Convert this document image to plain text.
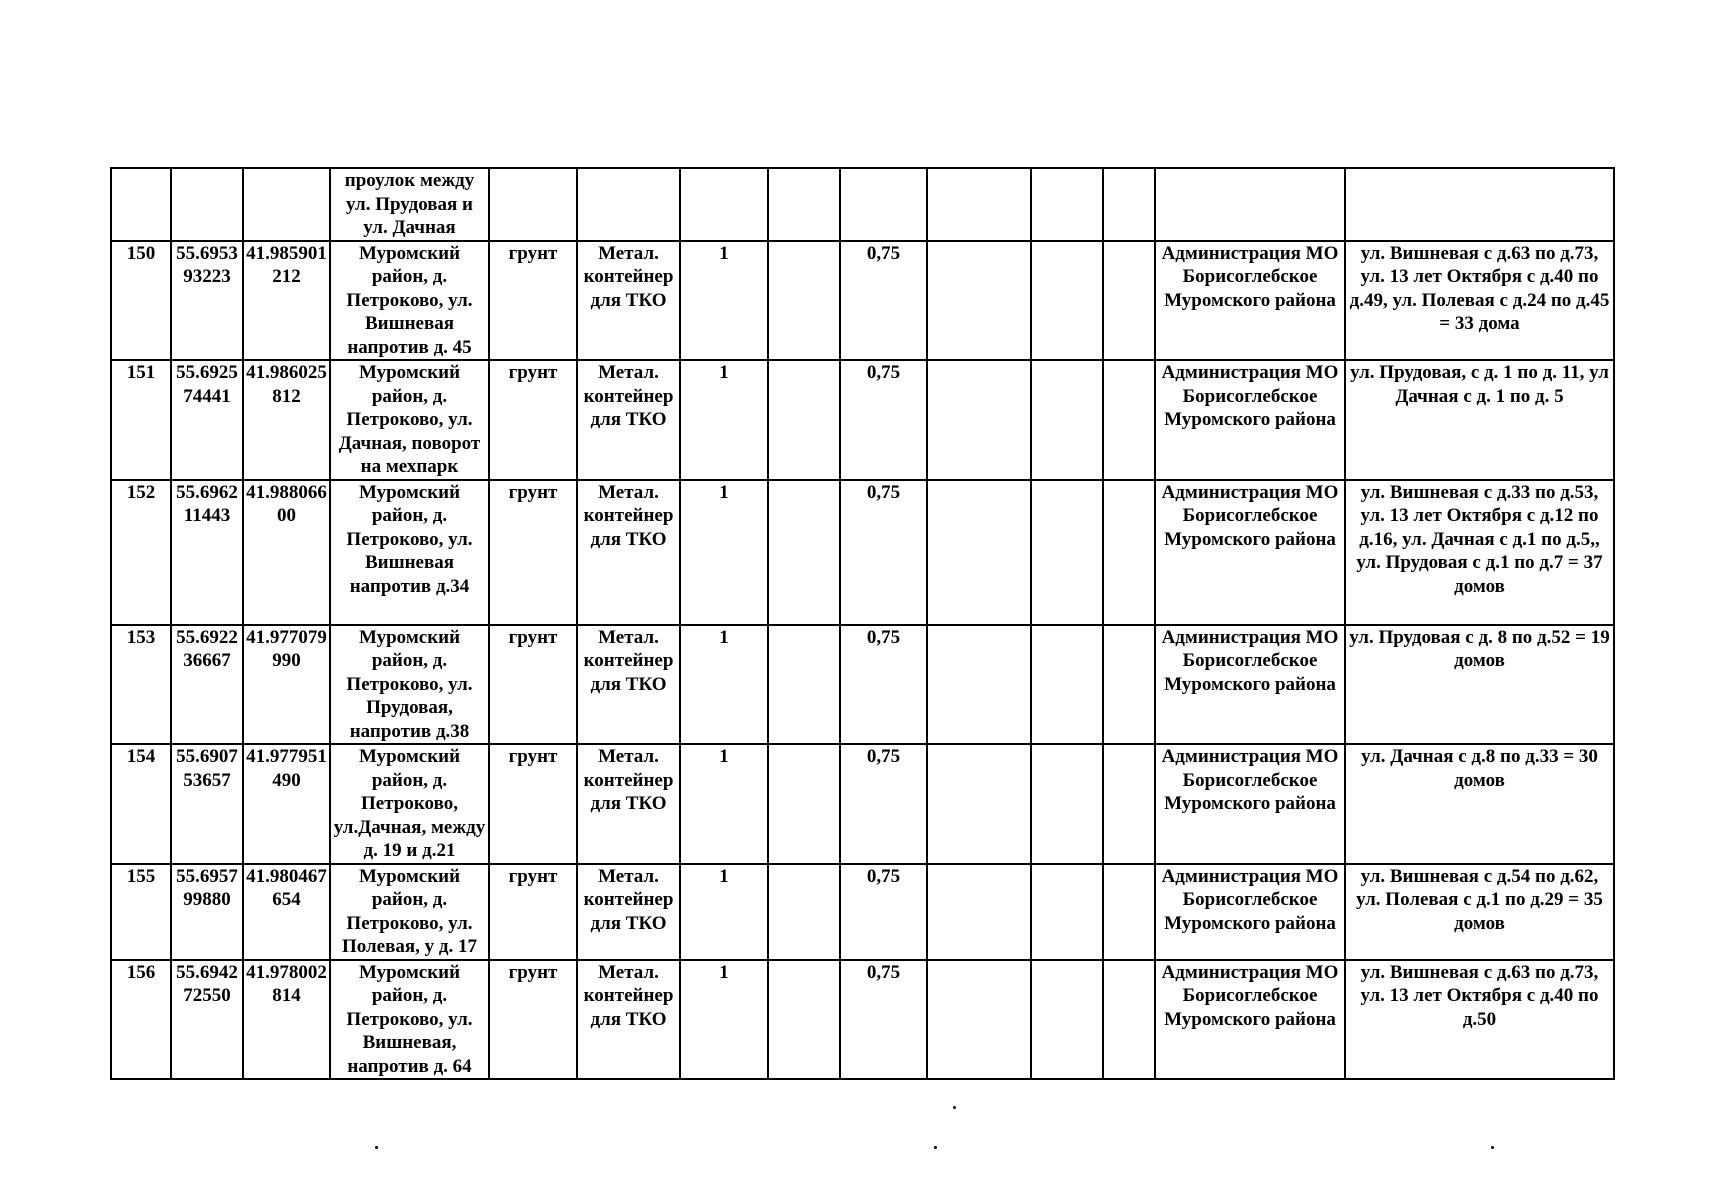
			проулок между ул. Прудовая и ул. Дачная										
150	55.695393223	41.985901212	Муромский район, д. Петроково, ул. Вишневая напротив д. 45	грунт	Метал. контейнер для ТКО	1		0,75				Администрация МО Борисоглебское Муромского района	ул. Вишневая с д.63 по д.73, ул. 13 лет Октября с д.40 по д.49, ул. Полевая с д.24 по д.45 = 33 дома
151	55.692574441	41.986025812	Муромский район, д. Петроково, ул. Дачная, поворот на мехпарк	грунт	Метал. контейнер для ТКО	1		0,75				Администрация МО Борисоглебское Муромского района	ул. Прудовая, с д. 1 по д. 11, ул Дачная с д. 1 по д. 5
152	55.696211443	41.98806600	Муромский район, д. Петроково, ул. Вишневая напротив д.34	грунт	Метал. контейнер для ТКО	1		0,75				Администрация МО Борисоглебское Муромского района	ул. Вишневая с д.33 по д.53, ул. 13 лет Октября с д.12 по д.16, ул. Дачная с д.1 по д.5,, ул. Прудовая с д.1 по д.7 = 37 домов
153	55.692236667	41.977079990	Муромский район, д. Петроково, ул. Прудовая, напротив д.38	грунт	Метал. контейнер для ТКО	1		0,75				Администрация МО Борисоглебское Муромского района	ул. Прудовая с д. 8 по д.52 = 19 домов
154	55.690753657	41.977951490	Муромский район, д. Петроково, ул.Дачная, между д. 19 и д.21	грунт	Метал. контейнер для ТКО	1		0,75				Администрация МО Борисоглебское Муромского района	ул. Дачная с д.8 по д.33 = 30 домов
155	55.695799880	41.980467654	Муромский район, д. Петроково, ул. Полевая, у д. 17	грунт	Метал. контейнер для ТКО	1		0,75				Администрация МО Борисоглебское Муромского района	ул. Вишневая с д.54 по д.62, ул. Полевая с д.1 по д.29 = 35 домов
156	55.694272550	41.978002814	Муромский район, д. Петроково, ул. Вишневая, напротив д. 64	грунт	Метал. контейнер для ТКО	1		0,75				Администрация МО Борисоглебское Муромского района	ул. Вишневая с д.63 по д.73, ул. 13 лет Октября с д.40 по д.50
